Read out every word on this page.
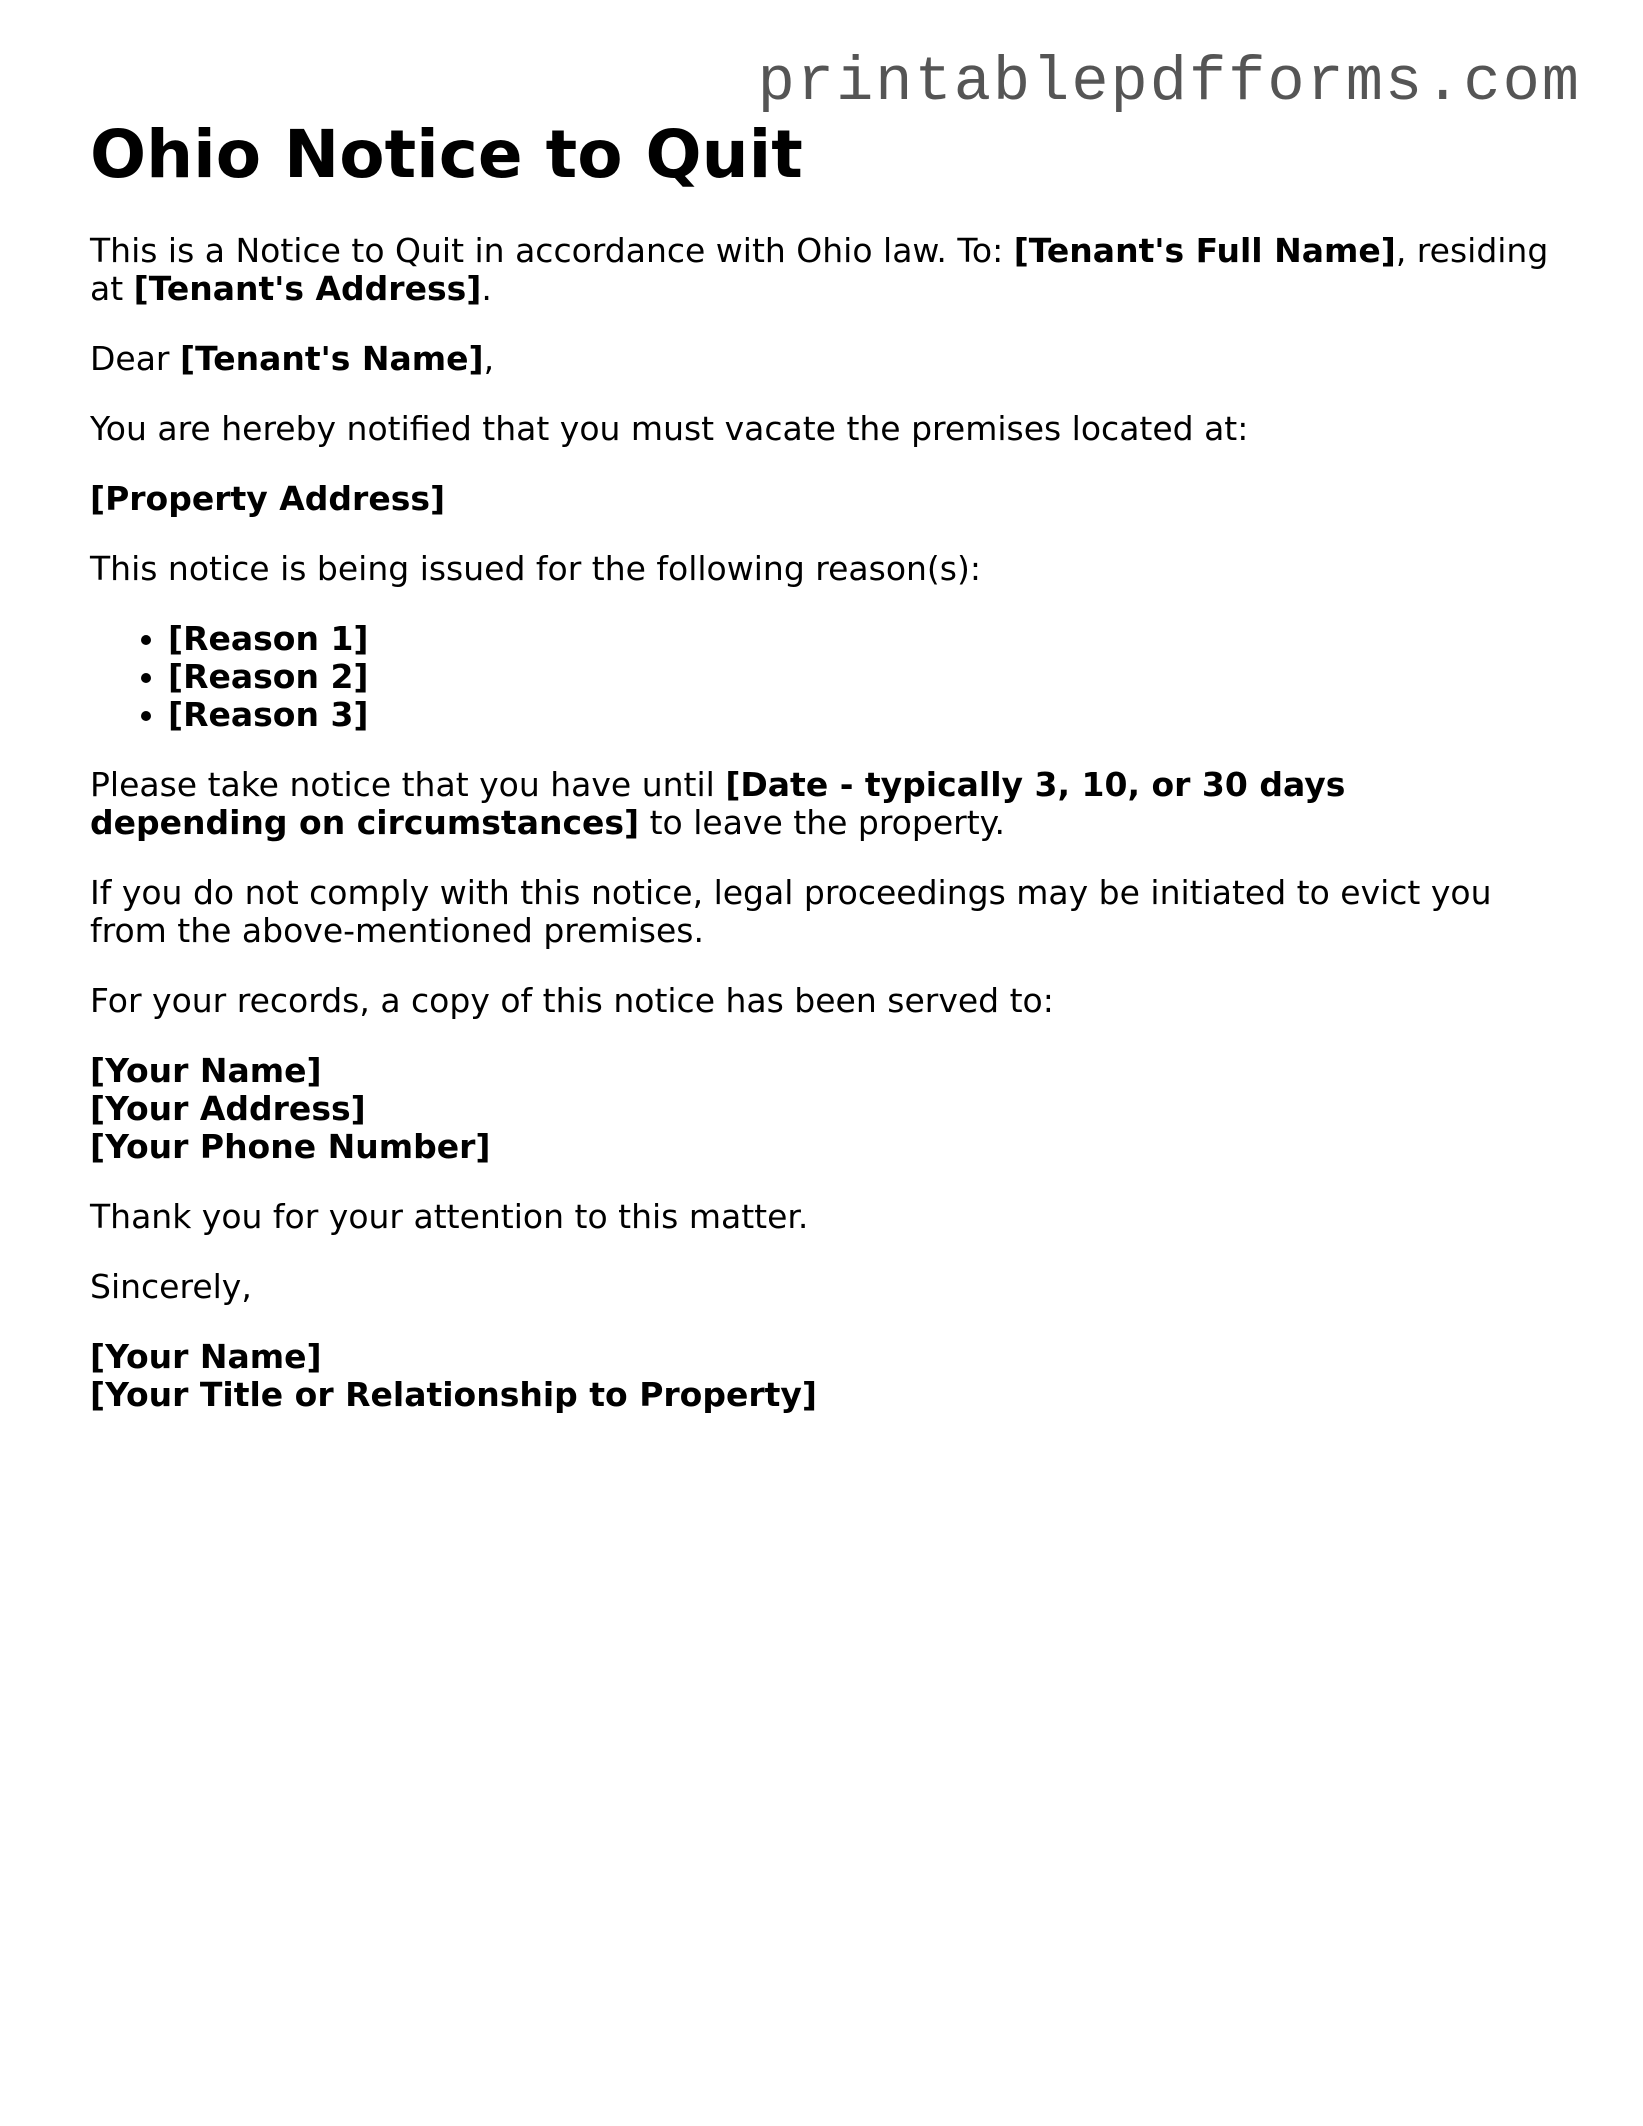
printablepdfforms.com
Ohio Notice to Quit

This is a Notice to Quit in accordance with Ohio law. To: [Tenant's Full Name], residing at [Tenant's Address].

Dear [Tenant's Name],

You are hereby notified that you must vacate the premises located at:

[Property Address]

This notice is being issued for the following reason(s):

• [Reason 1]
• [Reason 2]
• [Reason 3]

Please take notice that you have until [Date - typically 3, 10, or 30 days depending on circumstances] to leave the property.

If you do not comply with this notice, legal proceedings may be initiated to evict you from the above-mentioned premises.

For your records, a copy of this notice has been served to:

[Your Name]
[Your Address]
[Your Phone Number]

Thank you for your attention to this matter.

Sincerely,

[Your Name]
[Your Title or Relationship to Property]
